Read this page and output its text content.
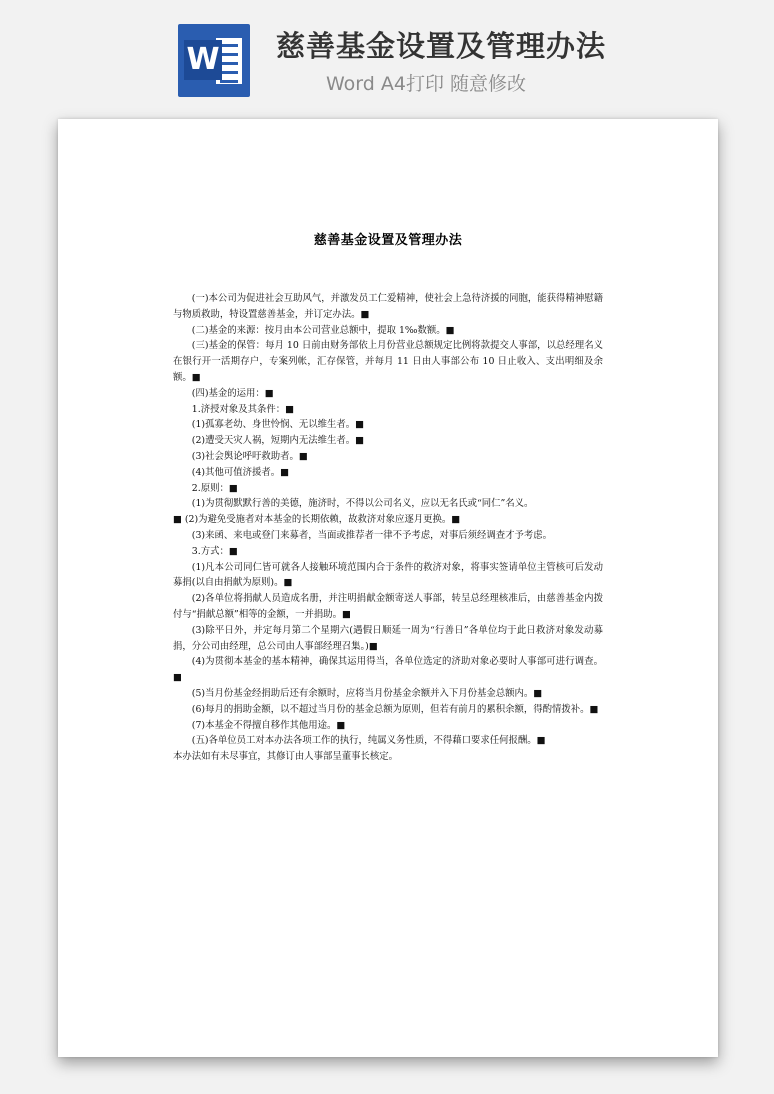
W 慈善基金设置及管理办法
Word A4打印 随意修改
慈善基金设置及管理办法

(一)本公司为促进社会互助风气，并激发员工仁爱精神，使社会上急待济援的同胞，能获得精神慰籍与物质救助，特设置慈善基金，并订定办法。■

(二)基金的来源：按月由本公司营业总额中，提取 1‰数额。■

(三)基金的保管：每月 10 日前由财务部依上月份营业总额规定比例将款提交人事部，以总经理名义在银行开一活期存户，专案列帐，汇存保管，并每月 11 日由人事部公布 10 日止收入、支出明细及余额。■

(四)基金的运用：■

1.济授对象及其条件：■

(1)孤寡老幼、身世怜悯、无以维生者。■

(2)遭受天灾人祸，短期内无法维生者。■

(3)社会舆论呼吁救助者。■

(4)其他可值济援者。■

2.原则：■

(1)为贯彻默默行善的美德，施济时，不得以公司名义，应以无名氏或“同仁”名义。

■ (2)为避免受施者对本基金的长期依赖，故救济对象应逐月更换。■

(3)来函、来电或登门来募者，当面或推荐者一律不予考虑，对事后须经调查才予考虑。

3.方式：■

(1)凡本公司同仁皆可就各人接触环境范围内合于条件的救济对象，将事实签请单位主管核可后发动募捐(以自由捐献为原则)。■

(2)各单位将捐献人员造成名册，并注明捐献金额寄送人事部，转呈总经理核准后，由慈善基金内拨付与“捐献总额”相等的金额，一并捐助。■

(3)除平日外，并定每月第二个星期六(遇假日顺延一周为“行善日”各单位均于此日救济对象发动募捐，分公司由经理，总公司由人事部经理召集。)■

(4)为贯彻本基金的基本精神，确保其运用得当，各单位选定的济助对象必要时人事部可进行调查。■

(5)当月份基金经捐助后还有余额时，应将当月份基金余额并入下月份基金总额内。■

(6)每月的捐助金额，以不超过当月份的基金总额为原则，但若有前月的累积余额，得酌情拨补。■

(7)本基金不得擅自移作其他用途。■

(五)各单位员工对本办法各项工作的执行，纯属义务性质，不得藉口要求任何报酬。■

本办法如有未尽事宜，其修订由人事部呈董事长核定。
